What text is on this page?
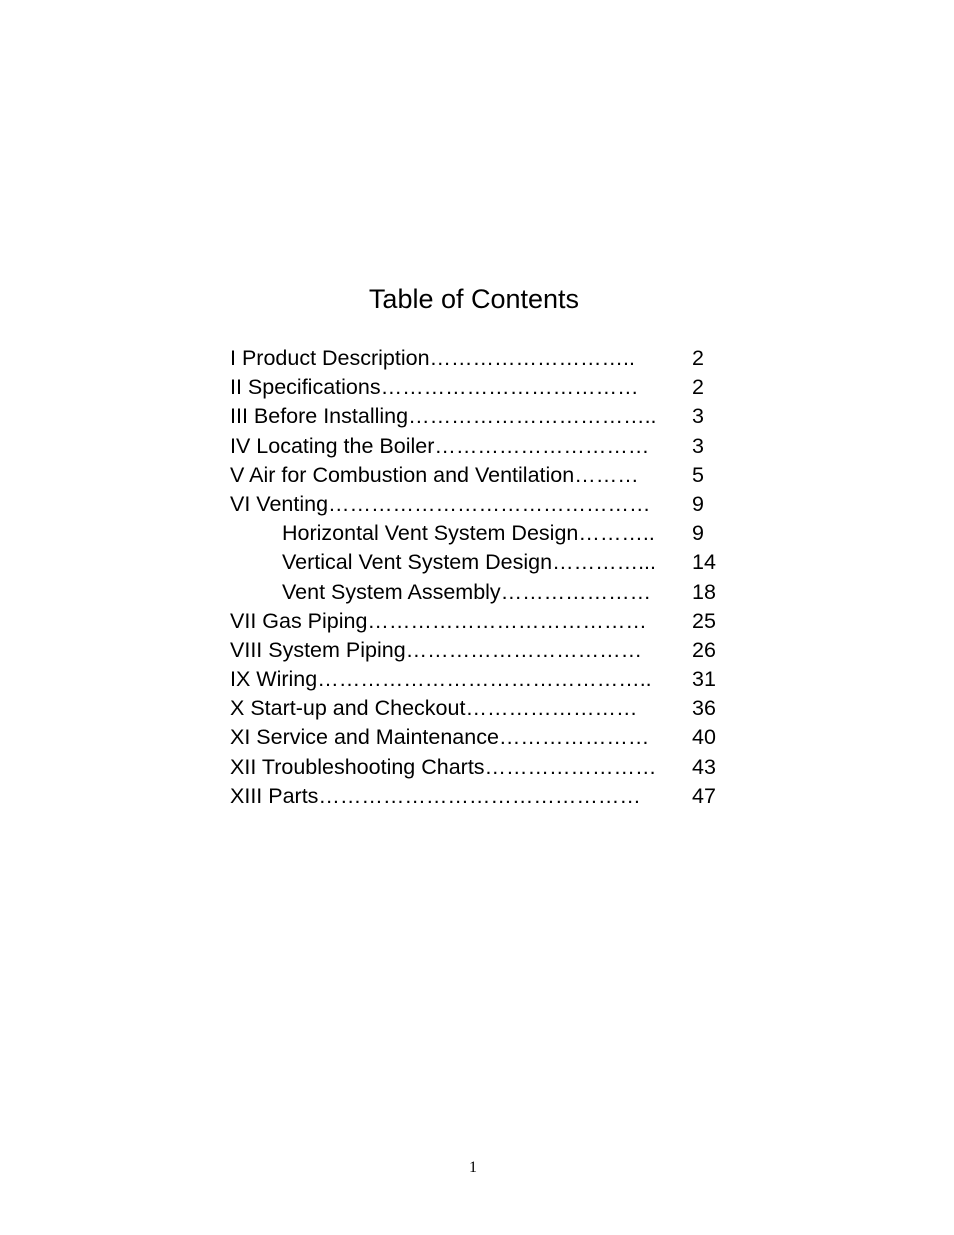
Table of Contents
I Product Description………………………..	2
II Specifications……………………………… 2
III Before Installing…………………………….. 3
IV Locating the Boiler………………………… 3
V Air for Combustion and Ventilation……… 5
VI Venting……………………………………… 9
Horizontal Vent System Design……….. 9
Vertical Vent System Design…………... 14
Vent System Assembly………………… 18
VII Gas Piping………………………………… 25
VIII System Piping…………………………… 26
IX Wiring……………………………………….. 31
X Start-up and Checkout……………………	36
XI Service and Maintenance………………… 40
XII Troubleshooting Charts…………………… 43
XIII Parts……………………………………… 47
1
